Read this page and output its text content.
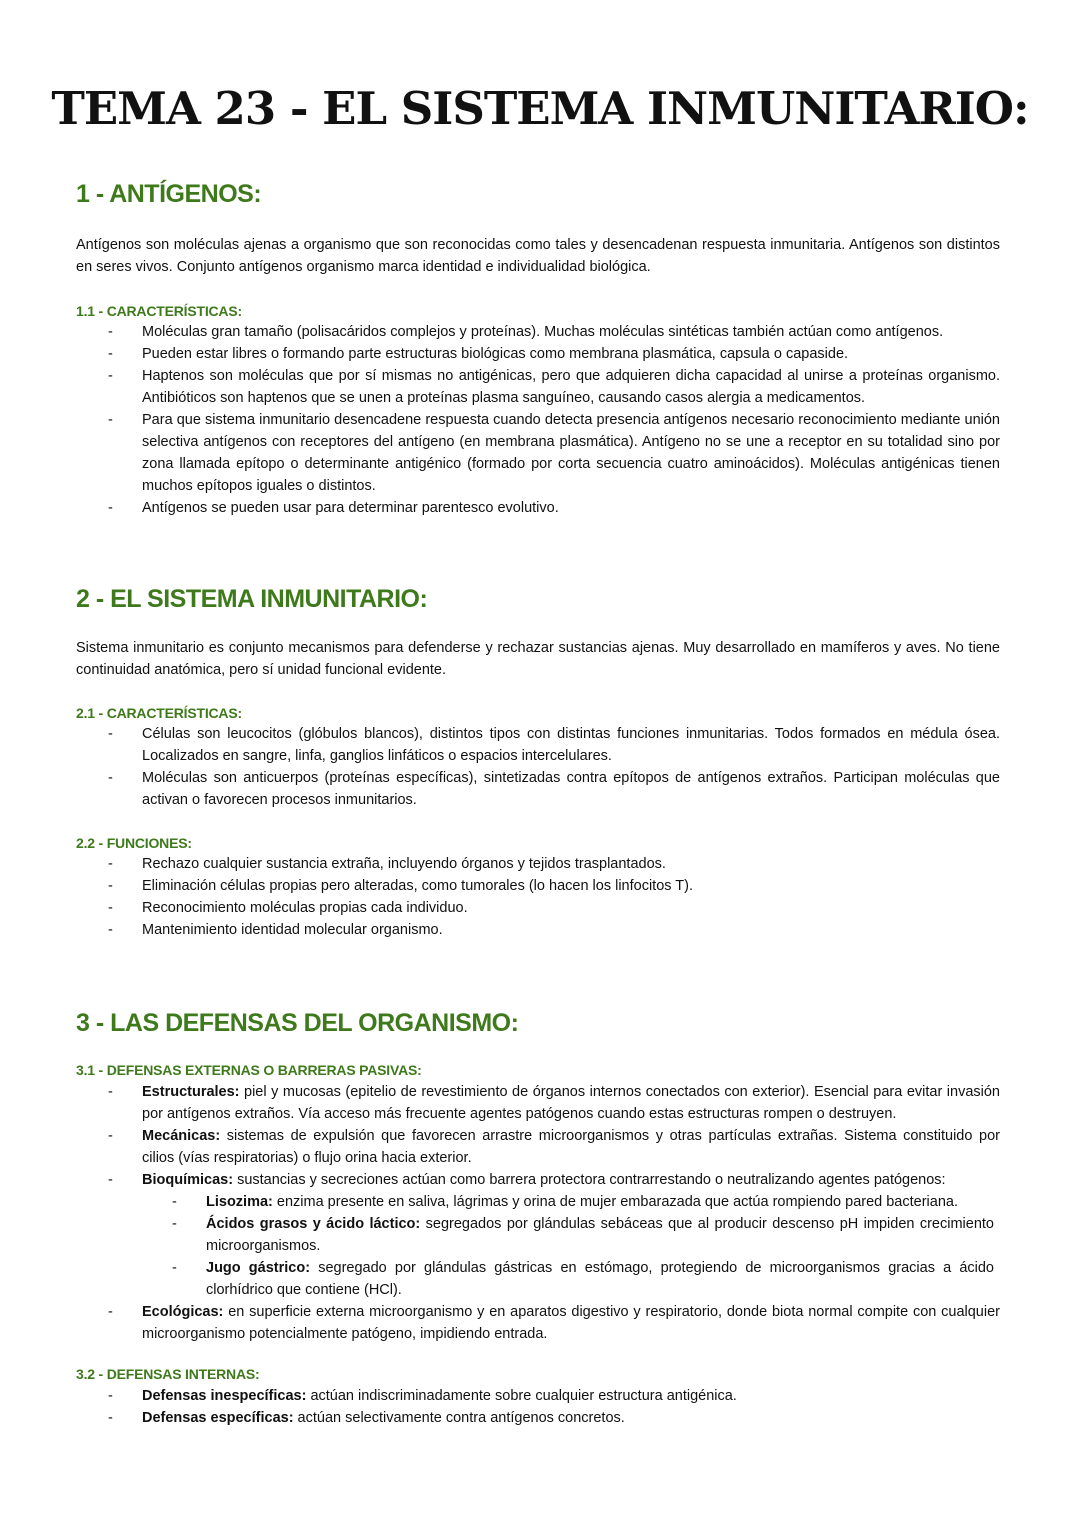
TEMA 23 - EL SISTEMA INMUNITARIO:
1 - ANTÍGENOS:

Antígenos son moléculas ajenas a organismo que son reconocidas como tales y desencadenan respuesta inmunitaria. Antígenos son distintos en seres vivos. Conjunto antígenos organismo marca identidad e individualidad biológica.

1.1 - CARACTERÍSTICAS:
- Moléculas gran tamaño (polisacáridos complejos y proteínas). Muchas moléculas sintéticas también actúan como antígenos.
- Pueden estar libres o formando parte estructuras biológicas como membrana plasmática, capsula o capaside.
- Haptenos son moléculas que por sí mismas no antigénicas, pero que adquieren dicha capacidad al unirse a proteínas organismo. Antibióticos son haptenos que se unen a proteínas plasma sanguíneo, causando casos alergia a medicamentos.
- Para que sistema inmunitario desencadene respuesta cuando detecta presencia antígenos necesario reconocimiento mediante unión selectiva antígenos con receptores del antígeno (en membrana plasmática). Antígeno no se une a receptor en su totalidad sino por zona llamada epítopo o determinante antigénico (formado por corta secuencia cuatro aminoácidos). Moléculas antigénicas tienen muchos epítopos iguales o distintos.
- Antígenos se pueden usar para determinar parentesco evolutivo.
2 - EL SISTEMA INMUNITARIO:

Sistema inmunitario es conjunto mecanismos para defenderse y rechazar sustancias ajenas. Muy desarrollado en mamíferos y aves. No tiene continuidad anatómica, pero sí unidad funcional evidente.

2.1 - CARACTERÍSTICAS:
- Células son leucocitos (glóbulos blancos), distintos tipos con distintas funciones inmunitarias. Todos formados en médula ósea. Localizados en sangre, linfa, ganglios linfáticos o espacios intercelulares.
- Moléculas son anticuerpos (proteínas específicas), sintetizadas contra epítopos de antígenos extraños. Participan moléculas que activan o favorecen procesos inmunitarios.
2.2 - FUNCIONES:
- Rechazo cualquier sustancia extraña, incluyendo órganos y tejidos trasplantados.
- Eliminación células propias pero alteradas, como tumorales (lo hacen los linfocitos T).
- Reconocimiento moléculas propias cada individuo.
- Mantenimiento identidad molecular organismo.
3 - LAS DEFENSAS DEL ORGANISMO:
3.1 - DEFENSAS EXTERNAS O BARRERAS PASIVAS:
- Estructurales: piel y mucosas (epitelio de revestimiento de órganos internos conectados con exterior). Esencial para evitar invasión por antígenos extraños. Vía acceso más frecuente agentes patógenos cuando estas estructuras rompen o destruyen.
- Mecánicas: sistemas de expulsión que favorecen arrastre microorganismos y otras partículas extrañas. Sistema constituido por cilios (vías respiratorias) o flujo orina hacia exterior.
- Bioquímicas: sustancias y secreciones actúan como barrera protectora contrarrestando o neutralizando agentes patógenos:
- Lisozima: enzima presente en saliva, lágrimas y orina de mujer embarazada que actúa rompiendo pared bacteriana.
- Ácidos grasos y ácido láctico: segregados por glándulas sebáceas que al producir descenso pH impiden crecimiento microorganismos.
- Jugo gástrico: segregado por glándulas gástricas en estómago, protegiendo de microorganismos gracias a ácido clorhídrico que contiene (HCl).
- Ecológicas: en superficie externa microorganismo y en aparatos digestivo y respiratorio, donde biota normal compite con cualquier microorganismo potencialmente patógeno, impidiendo entrada.
3.2 - DEFENSAS INTERNAS:
- Defensas inespecíficas: actúan indiscriminadamente sobre cualquier estructura antigénica.
- Defensas específicas: actúan selectivamente contra antígenos concretos.
